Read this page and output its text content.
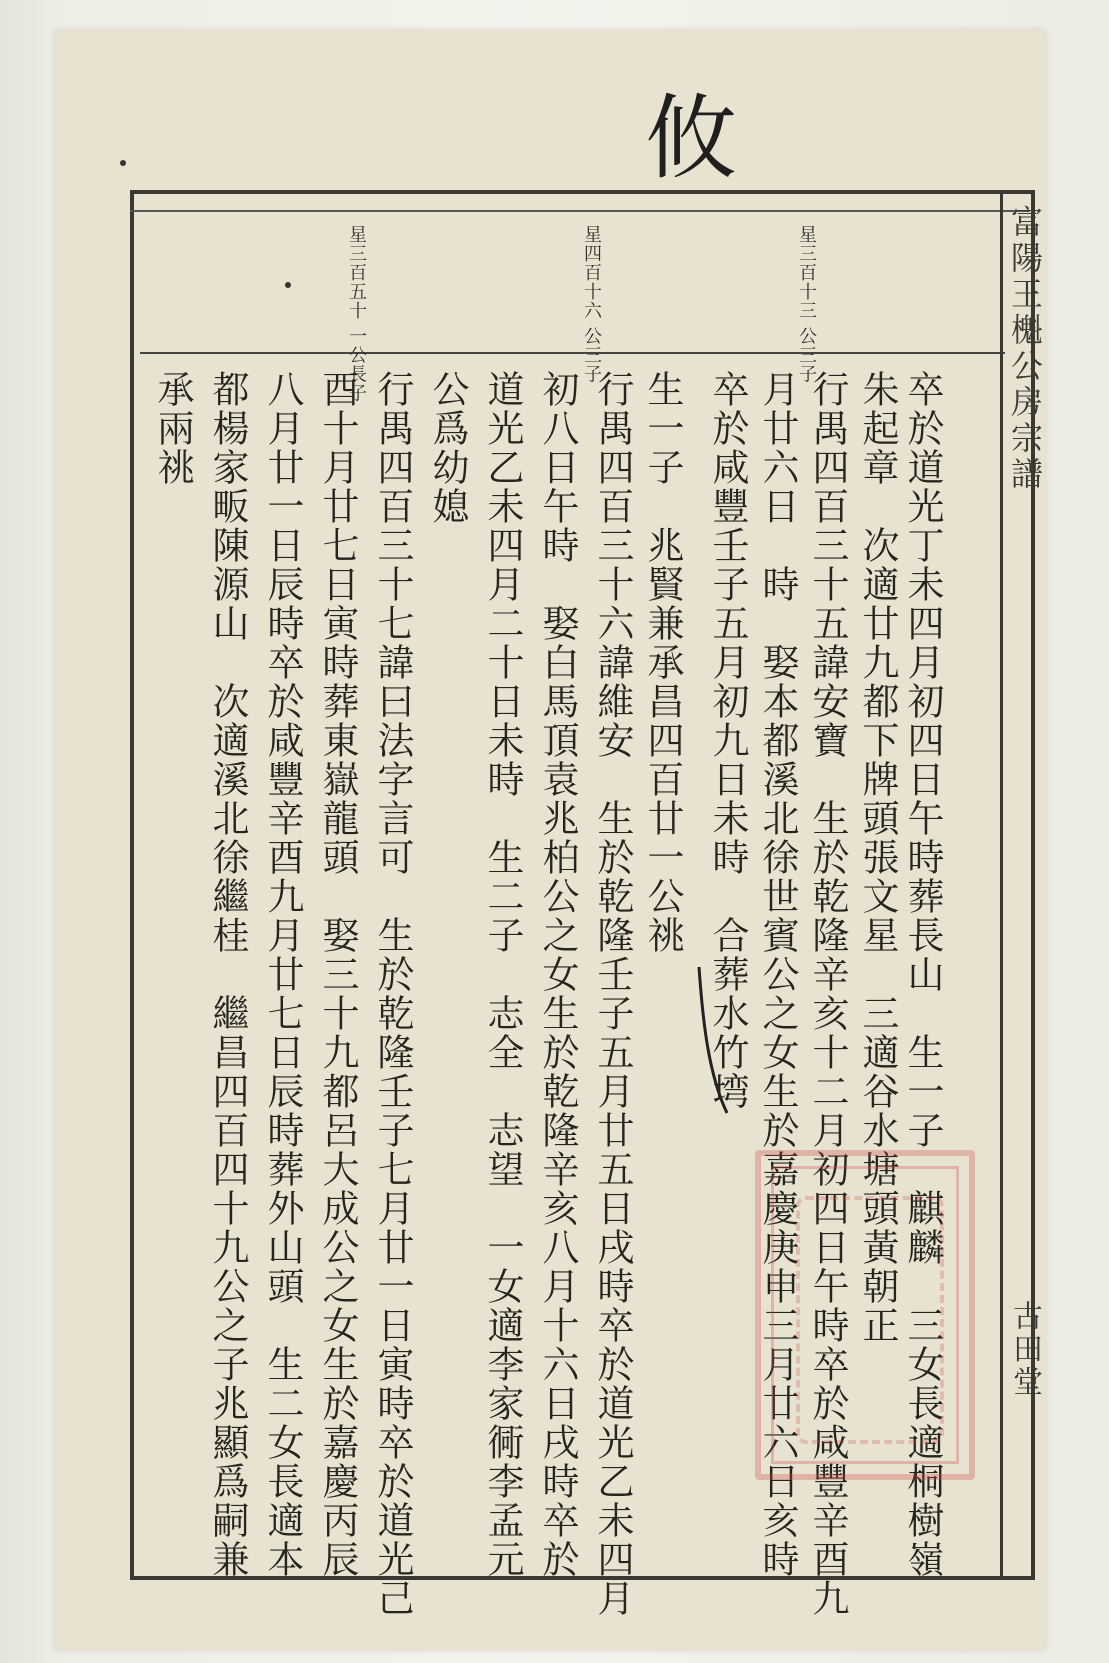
攸
富陽王櫆公房宗譜
古田堂
星三百十三 公三子
星四百十六 公三子
星三百五十 一公長子
卒於道光丁未四月初四日午時葬長山　生一子　麒麟　三女長適桐樹嶺
朱起章　次適廿九都下牌頭張文星　三適谷水塘頭黃朝正
行禺四百三十五諱安寶　生於乾隆辛亥十二月初四日午時卒於咸豐辛酉九
月廿六日　時　娶本都溪北徐世賓公之女生於嘉慶庚申三月廿六日亥時
卒於咸豐壬子五月初九日未時　合葬水竹塆
生一子　兆賢兼承昌四百廿一公祧
行禺四百三十六諱維安　生於乾隆壬子五月廿五日戌時卒於道光乙未四月
初八日午時　娶白馬頂袁兆柏公之女生於乾隆辛亥八月十六日戌時卒於
道光乙未四月二十日未時　生二子　志全　志望　一女適李家衕李孟元
公爲幼媳
行禺四百三十七諱曰法字言可　生於乾隆壬子七月廿一日寅時卒於道光己
酉十月廿七日寅時葬東嶽龍頭　娶三十九都呂大成公之女生於嘉慶丙辰
八月廿一日辰時卒於咸豐辛酉九月廿七日辰時葬外山頭　生二女長適本
都楊家畈陳源山　次適溪北徐繼桂　繼昌四百四十九公之子兆顯爲嗣兼
承兩祧
